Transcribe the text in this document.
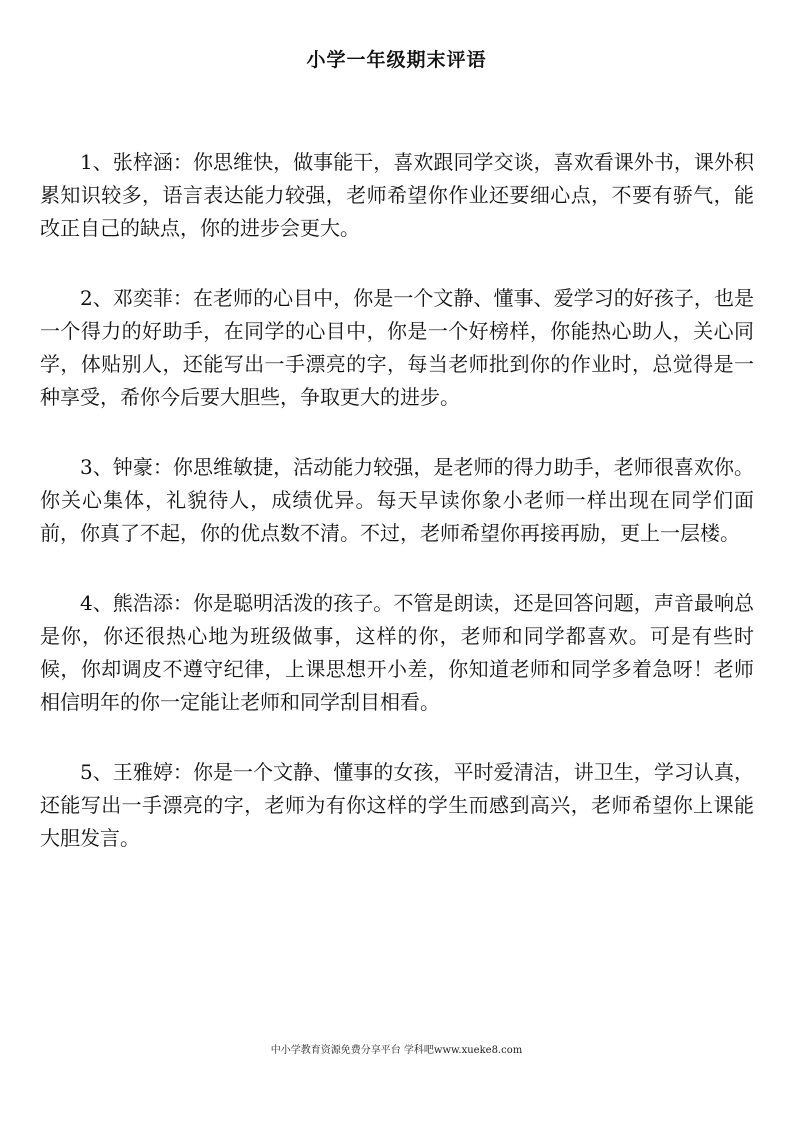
小学一年级期末评语

1、张梓涵：你思维快，做事能干，喜欢跟同学交谈，喜欢看课外书，课外积累知识较多，语言表达能力较强，老师希望你作业还要细心点，不要有骄气，能改正自己的缺点，你的进步会更大。

2、邓奕菲：在老师的心目中，你是一个文静、懂事、爱学习的好孩子，也是一个得力的好助手，在同学的心目中，你是一个好榜样，你能热心助人，关心同学，体贴别人，还能写出一手漂亮的字，每当老师批到你的作业时，总觉得是一种享受，希你今后要大胆些，争取更大的进步。

3、钟豪：你思维敏捷，活动能力较强，是老师的得力助手，老师很喜欢你。你关心集体，礼貌待人，成绩优异。每天早读你象小老师一样出现在同学们面前，你真了不起，你的优点数不清。不过，老师希望你再接再励，更上一层楼。

4、熊浩添：你是聪明活泼的孩子。不管是朗读，还是回答问题，声音最响总是你，你还很热心地为班级做事，这样的你，老师和同学都喜欢。可是有些时候，你却调皮不遵守纪律，上课思想开小差，你知道老师和同学多着急呀！老师相信明年的你一定能让老师和同学刮目相看。

5、王雅婷：你是一个文静、懂事的女孩，平时爱清洁，讲卫生，学习认真，还能写出一手漂亮的字，老师为有你这样的学生而感到高兴，老师希望你上课能大胆发言。

中小学教育资源免费分享平台 学科吧www.xueke8.com
